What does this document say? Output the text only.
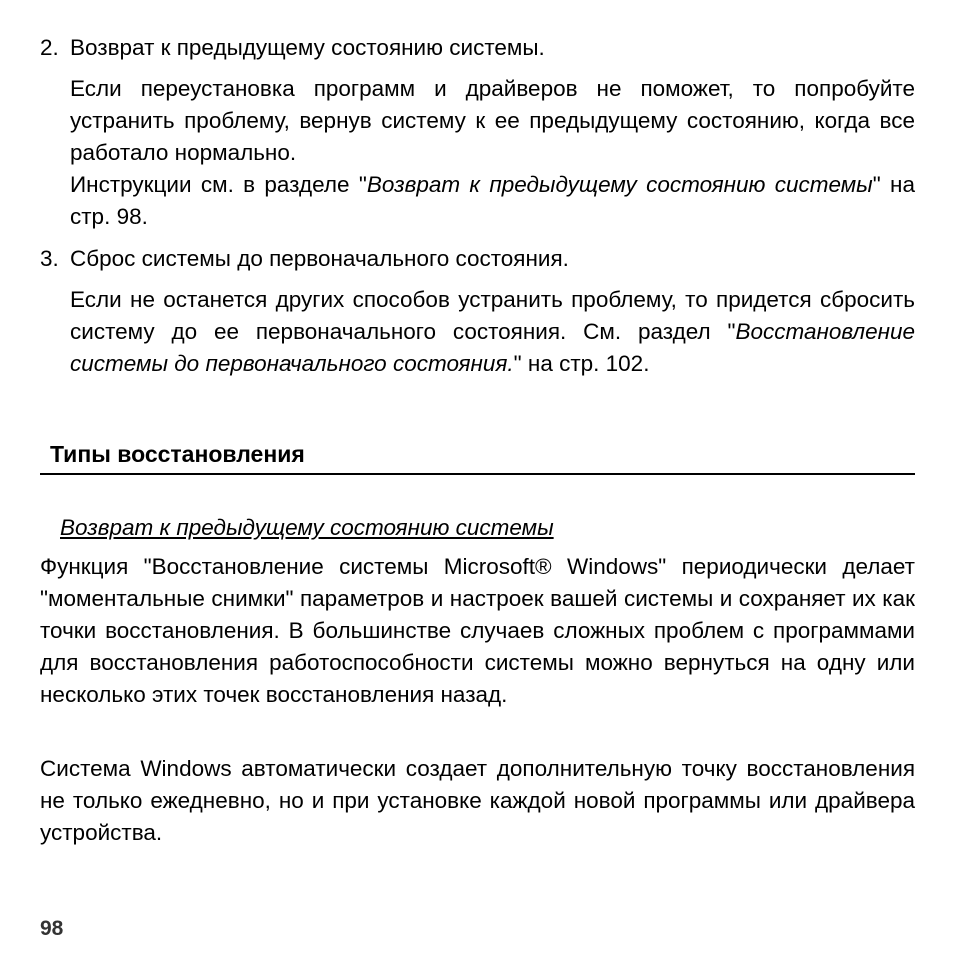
2. Возврат к предыдущему состоянию системы.

Если переустановка программ и драйверов не поможет, то попробуйте устранить проблему, вернув систему к ее предыдущему состоянию, когда все работало нормально.

Инструкции см. в разделе "Возврат к предыдущему состоянию системы" на стр. 98.

3. Сброс системы до первоначального состояния.

Если не останется других способов устранить проблему, то придется сбросить систему до ее первоначального состояния. См. раздел "Восстановление системы до первоначального состояния." на стр. 102.

Типы восстановления
Возврат к предыдущему состоянию системы

Функция "Восстановление системы Microsoft® Windows" периодически делает "моментальные снимки" параметров и настроек вашей системы и сохраняет их как точки восстановления. В большинстве случаев сложных проблем с программами для восстановления работоспособности системы можно вернуться на одну или несколько этих точек восстановления назад.

Система Windows автоматически создает дополнительную точку восстановления не только ежедневно, но и при установке каждой новой программы или драйвера устройства.

98
